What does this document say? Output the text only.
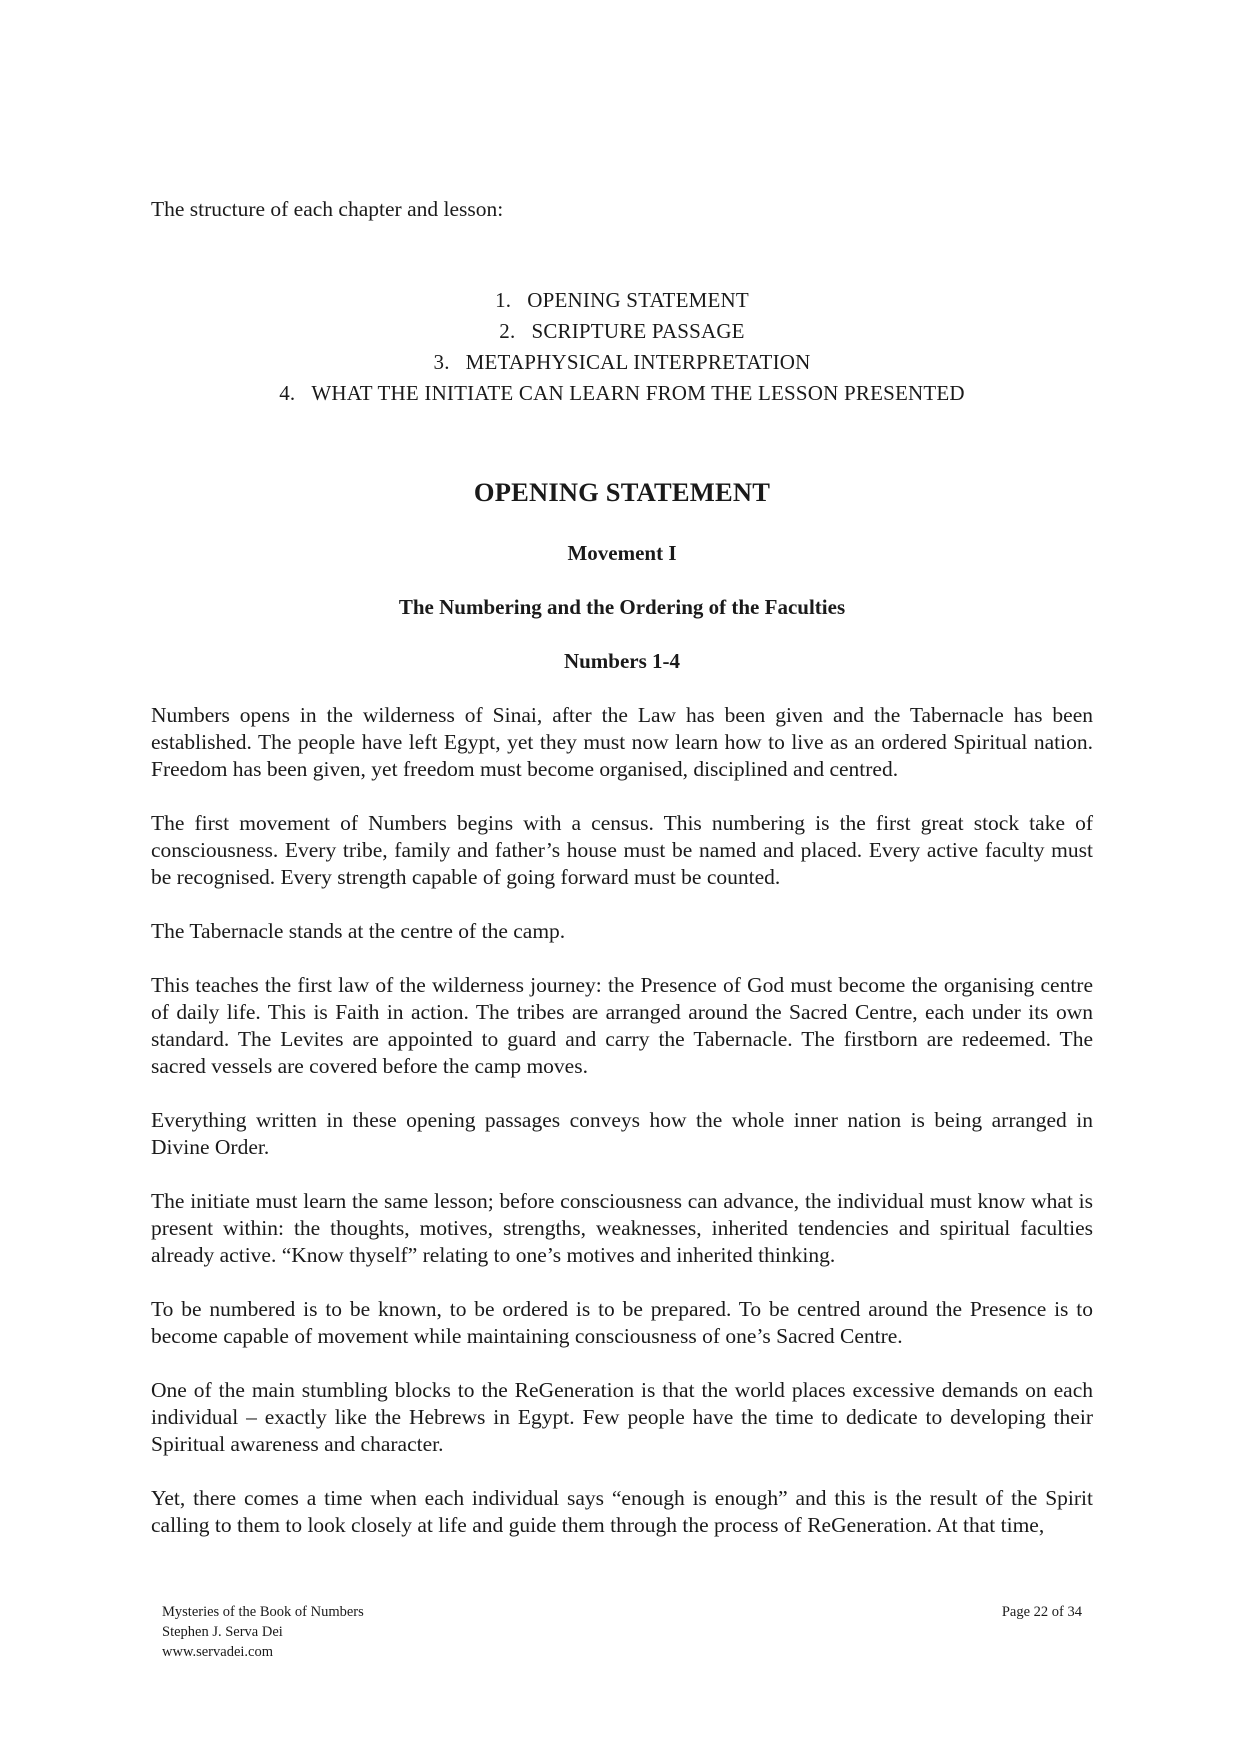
The structure of each chapter and lesson:

1. OPENING STATEMENT
2. SCRIPTURE PASSAGE
3. METAPHYSICAL INTERPRETATION
4. WHAT THE INITIATE CAN LEARN FROM THE LESSON PRESENTED
OPENING STATEMENT
Movement I
The Numbering and the Ordering of the Faculties
Numbers 1-4

Numbers opens in the wilderness of Sinai, after the Law has been given and the Tabernacle has been established. The people have left Egypt, yet they must now learn how to live as an ordered Spiritual nation. Freedom has been given, yet freedom must become organised, disciplined and centred.

The first movement of Numbers begins with a census. This numbering is the first great stock take of consciousness. Every tribe, family and father’s house must be named and placed. Every active faculty must be recognised. Every strength capable of going forward must be counted.

The Tabernacle stands at the centre of the camp.

This teaches the first law of the wilderness journey: the Presence of God must become the organising centre of daily life. This is Faith in action. The tribes are arranged around the Sacred Centre, each under its own standard. The Levites are appointed to guard and carry the Tabernacle. The firstborn are redeemed. The sacred vessels are covered before the camp moves.

Everything written in these opening passages conveys how the whole inner nation is being arranged in Divine Order.

The initiate must learn the same lesson; before consciousness can advance, the individual must know what is present within: the thoughts, motives, strengths, weaknesses, inherited tendencies and spiritual faculties already active. “Know thyself” relating to one’s motives and inherited thinking.

To be numbered is to be known, to be ordered is to be prepared. To be centred around the Presence is to become capable of movement while maintaining consciousness of one’s Sacred Centre.

One of the main stumbling blocks to the ReGeneration is that the world places excessive demands on each individual – exactly like the Hebrews in Egypt. Few people have the time to dedicate to developing their Spiritual awareness and character.

Yet, there comes a time when each individual says “enough is enough” and this is the result of the Spirit calling to them to look closely at life and guide them through the process of ReGeneration. At that time,

Mysteries of the Book of Numbers
Stephen J. Serva Dei
www.servadei.com
Page 22 of 34
